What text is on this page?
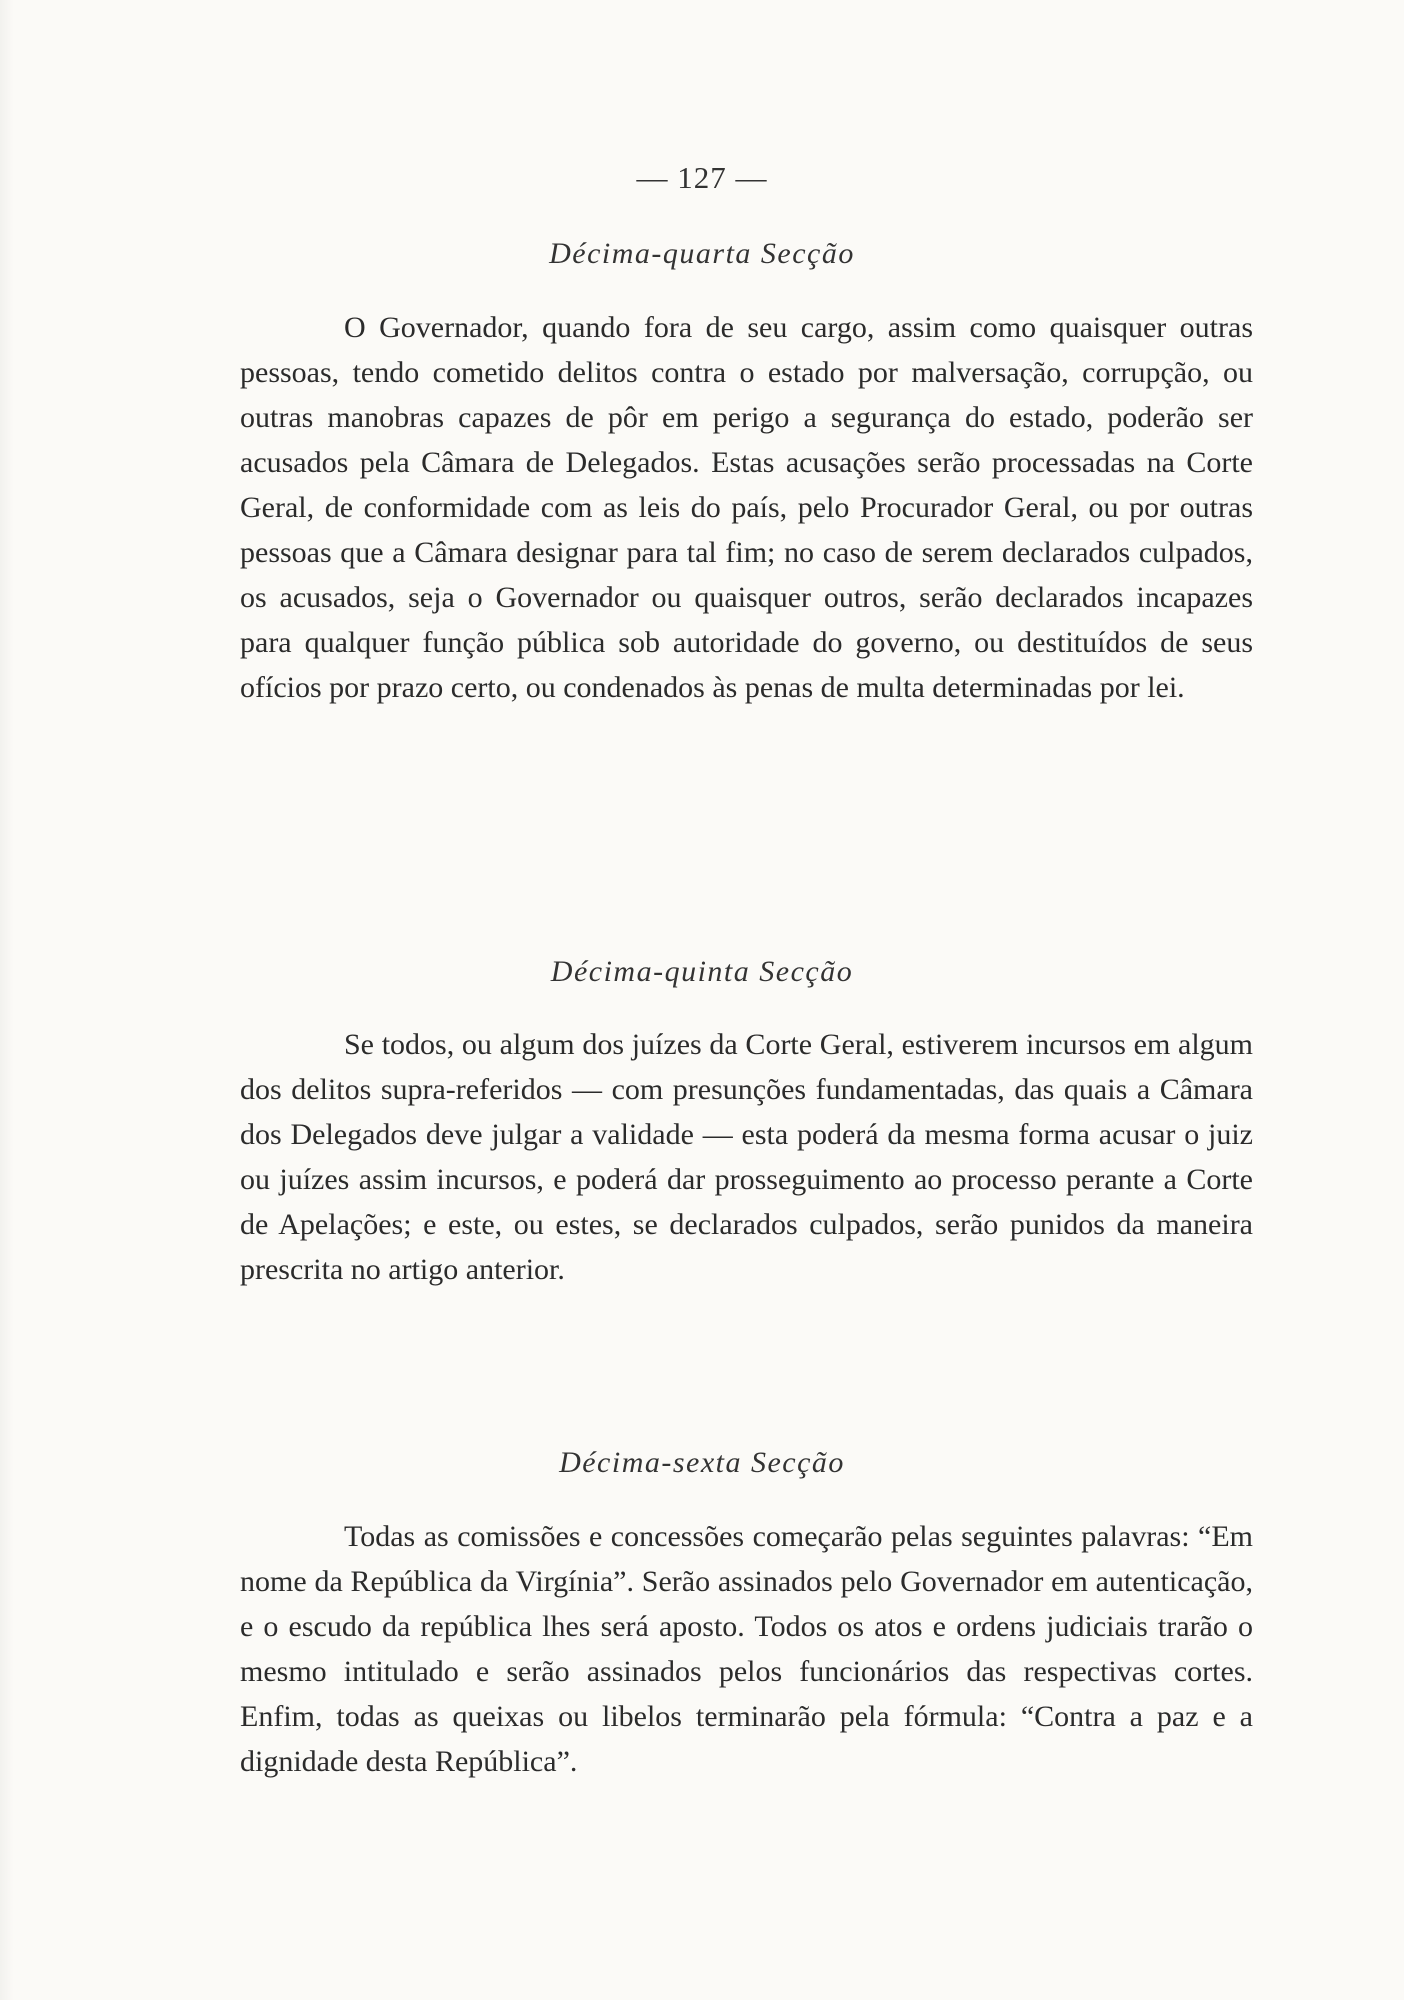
— 127 —
Décima-quarta Secção

O Governador, quando fora de seu cargo, assim como quaisquer outras pessoas, tendo cometido delitos contra o estado por malversação, corrupção, ou outras manobras capazes de pôr em perigo a segurança do estado, poderão ser acusados pela Câmara de Delegados. Estas acusações serão processadas na Corte Geral, de conformidade com as leis do país, pelo Procurador Geral, ou por outras pessoas que a Câmara designar para tal fim; no caso de serem declarados culpados, os acusados, seja o Governador ou quaisquer outros, serão declarados incapazes para qualquer função pública sob autoridade do governo, ou destituídos de seus ofícios por prazo certo, ou condenados às penas de multa determinadas por lei.

Décima-quinta Secção

Se todos, ou algum dos juízes da Corte Geral, estiverem incursos em algum dos delitos supra-referidos — com presunções fundamentadas, das quais a Câmara dos Delegados deve julgar a validade — esta poderá da mesma forma acusar o juiz ou juízes assim incursos, e poderá dar prosseguimento ao processo perante a Corte de Apelações; e este, ou estes, se declarados culpados, serão punidos da maneira prescrita no artigo anterior.

Décima-sexta Secção

Todas as comissões e concessões começarão pelas seguintes palavras: “Em nome da República da Virgínia”. Serão assinados pelo Governador em autenticação, e o escudo da república lhes será aposto. Todos os atos e ordens judiciais trarão o mesmo intitulado e serão assinados pelos funcionários das respectivas cortes. Enfim, todas as queixas ou libelos terminarão pela fórmula: “Contra a paz e a dignidade desta República”.
